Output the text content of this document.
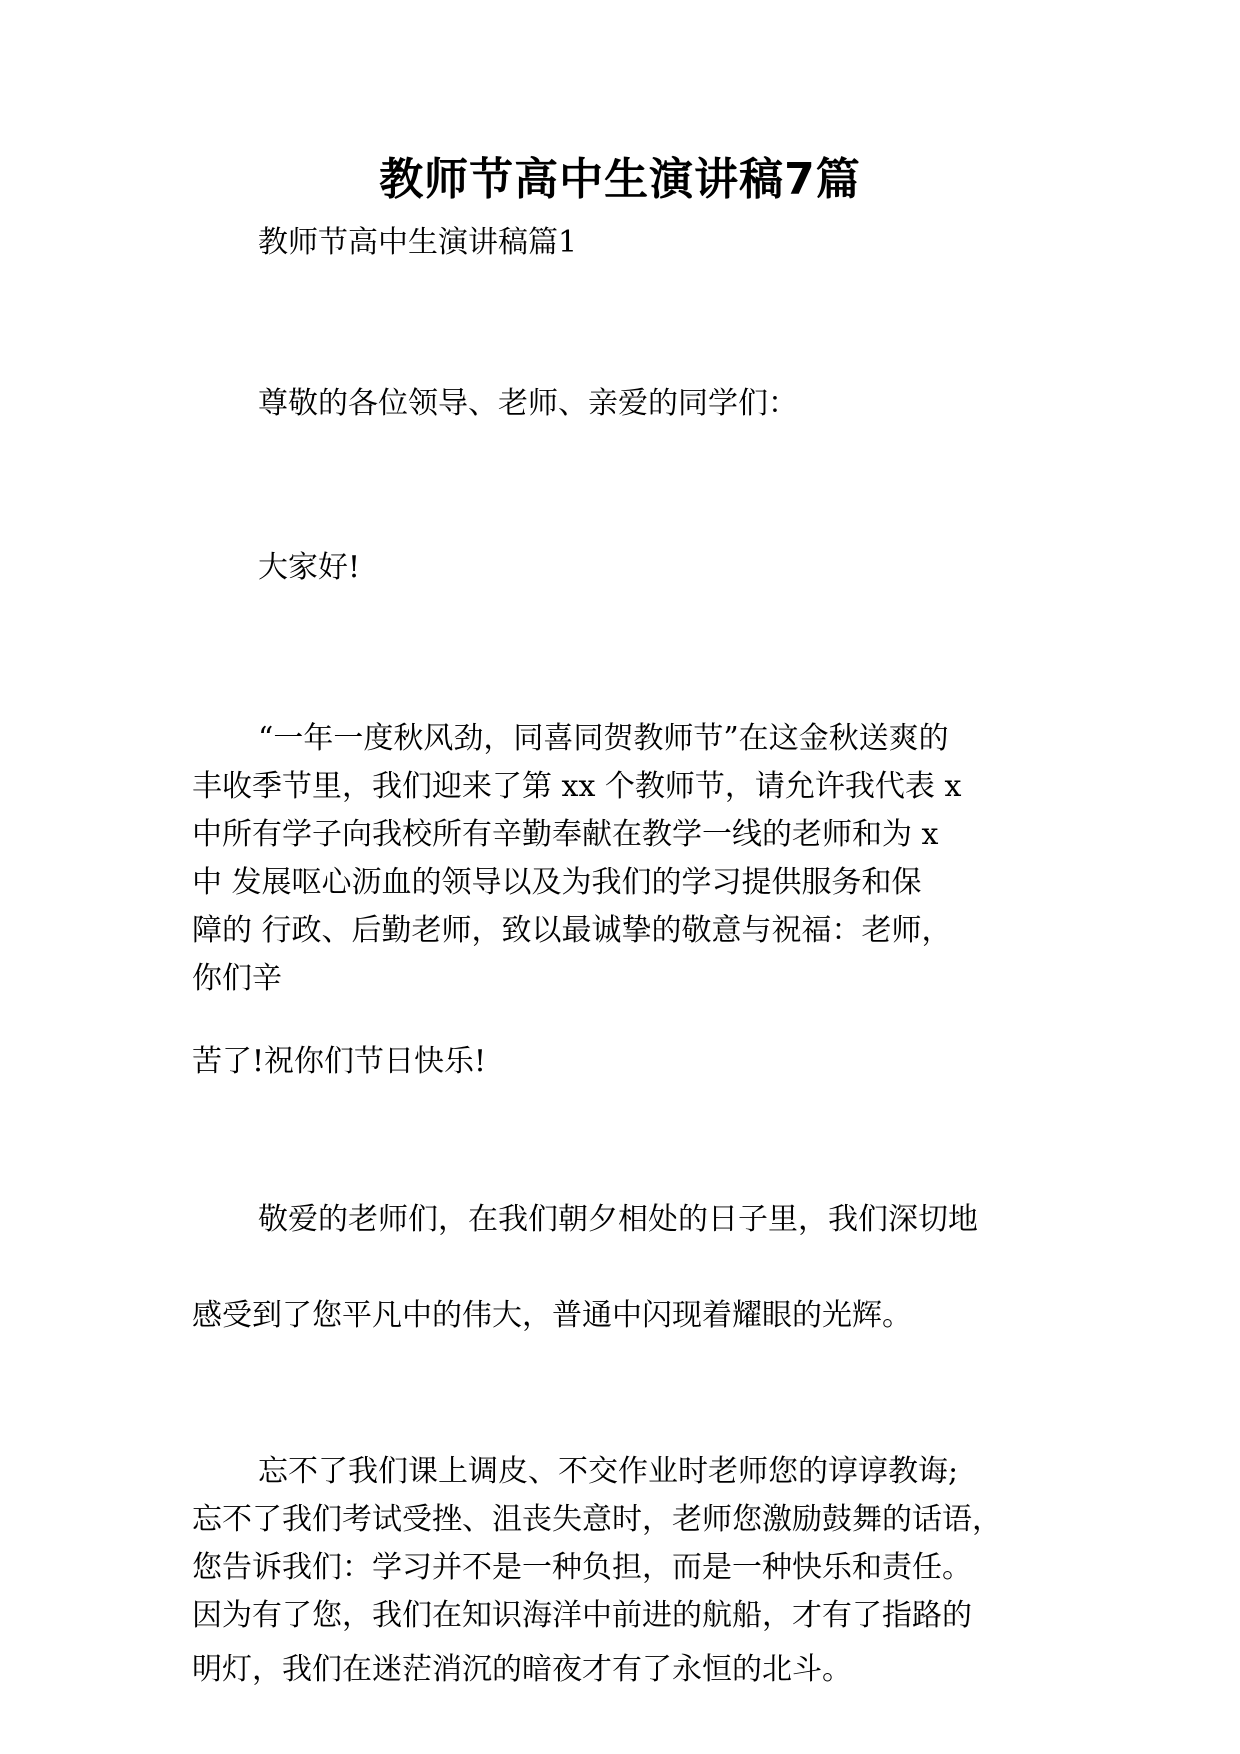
教师节高中生演讲稿7篇
教师节高中生演讲稿篇1
尊敬的各位领导、老师、亲爱的同学们：
大家好!
“一年一度秋风劲，同喜同贺教师节”在这金秋送爽的
丰收季节里，我们迎来了第 xx 个教师节，请允许我代表 x
中所有学子向我校所有辛勤奉献在教学一线的老师和为 x
中 发展呕心沥血的领导以及为我们的学习提供服务和保
障的 行政、后勤老师，致以最诚挚的敬意与祝福：老师，
你们辛
苦了!祝你们节日快乐!
敬爱的老师们，在我们朝夕相处的日子里，我们深切地
感受到了您平凡中的伟大，普通中闪现着耀眼的光辉。
忘不了我们课上调皮、不交作业时老师您的谆谆教诲;
忘不了我们考试受挫、沮丧失意时，老师您激励鼓舞的话语，
您告诉我们：学习并不是一种负担，而是一种快乐和责任。
因为有了您，我们在知识海洋中前进的航船，才有了指路的
明灯，我们在迷茫消沉的暗夜才有了永恒的北斗。
